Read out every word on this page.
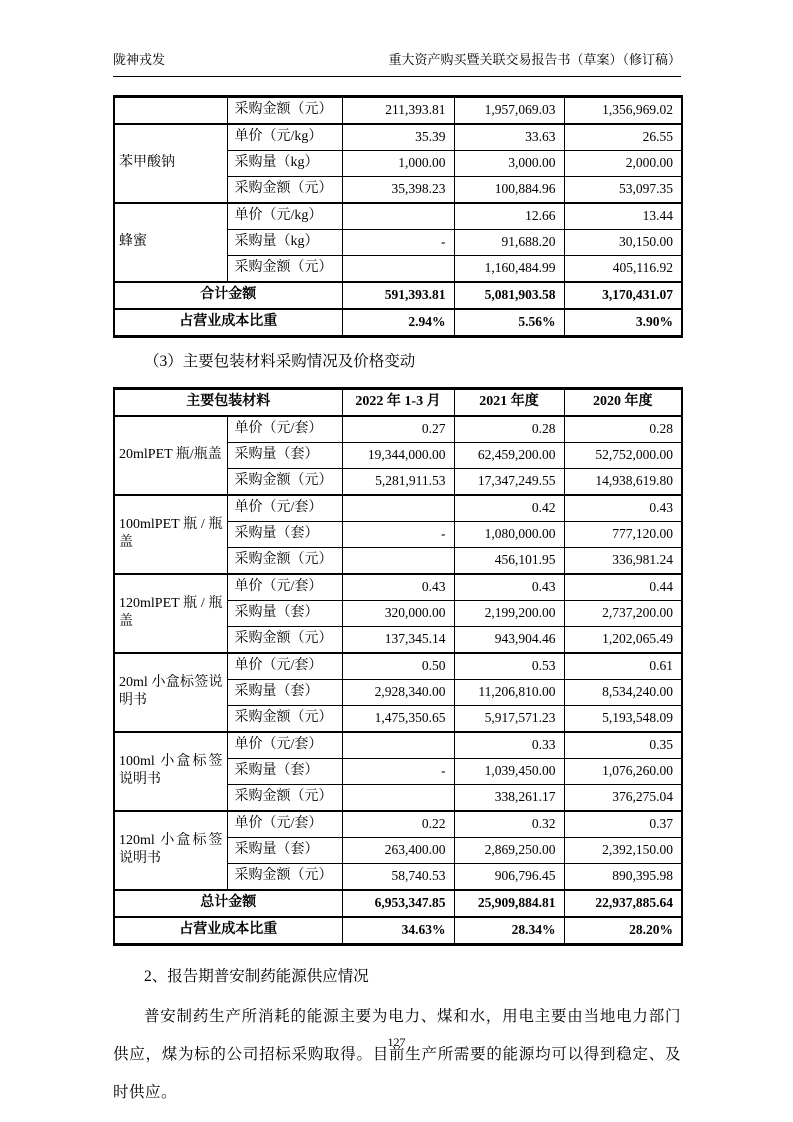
陇神戎发	重大资产购买暨关联交易报告书（草案）（修订稿）
	采购金额（元）	211,393.81	1,957,069.03	1,356,969.02
苯甲酸钠	单价（元/kg）	35.39	33.63	26.55
	采购量（kg）	1,000.00	3,000.00	2,000.00
	采购金额（元）	35,398.23	100,884.96	53,097.35
蜂蜜	单价（元/kg）		12.66	13.44
	采购量（kg）	-	91,688.20	30,150.00
	采购金额（元）		1,160,484.99	405,116.92
合计金额		591,393.81	5,081,903.58	3,170,431.07
占营业成本比重		2.94%	5.56%	3.90%

（3）主要包装材料采购情况及价格变动

主要包装材料		2022 年 1-3 月	2021 年度	2020 年度
20mlPET 瓶/瓶盖	单价（元/套）	0.27	0.28	0.28
	采购量（套）	19,344,000.00	62,459,200.00	52,752,000.00
	采购金额（元）	5,281,911.53	17,347,249.55	14,938,619.80
100mlPET 瓶 / 瓶盖	单价（元/套）		0.42	0.43
	采购量（套）	-	1,080,000.00	777,120.00
	采购金额（元）		456,101.95	336,981.24
120mlPET 瓶 / 瓶盖	单价（元/套）	0.43	0.43	0.44
	采购量（套）	320,000.00	2,199,200.00	2,737,200.00
	采购金额（元）	137,345.14	943,904.46	1,202,065.49
20ml 小盒标签说明书	单价（元/套）	0.50	0.53	0.61
	采购量（套）	2,928,340.00	11,206,810.00	8,534,240.00
	采购金额（元）	1,475,350.65	5,917,571.23	5,193,548.09
100ml 小盒标签说明书	单价（元/套）		0.33	0.35
	采购量（套）	-	1,039,450.00	1,076,260.00
	采购金额（元）		338,261.17	376,275.04
120ml 小盒标签说明书	单价（元/套）	0.22	0.32	0.37
	采购量（套）	263,400.00	2,869,250.00	2,392,150.00
	采购金额（元）	58,740.53	906,796.45	890,395.98
总计金额		6,953,347.85	25,909,884.81	22,937,885.64
占营业成本比重		34.63%	28.34%	28.20%

2、报告期普安制药能源供应情况

普安制药生产所消耗的能源主要为电力、煤和水，用电主要由当地电力部门供应，煤为标的公司招标采购取得。目前生产所需要的能源均可以得到稳定、及时供应。

127
